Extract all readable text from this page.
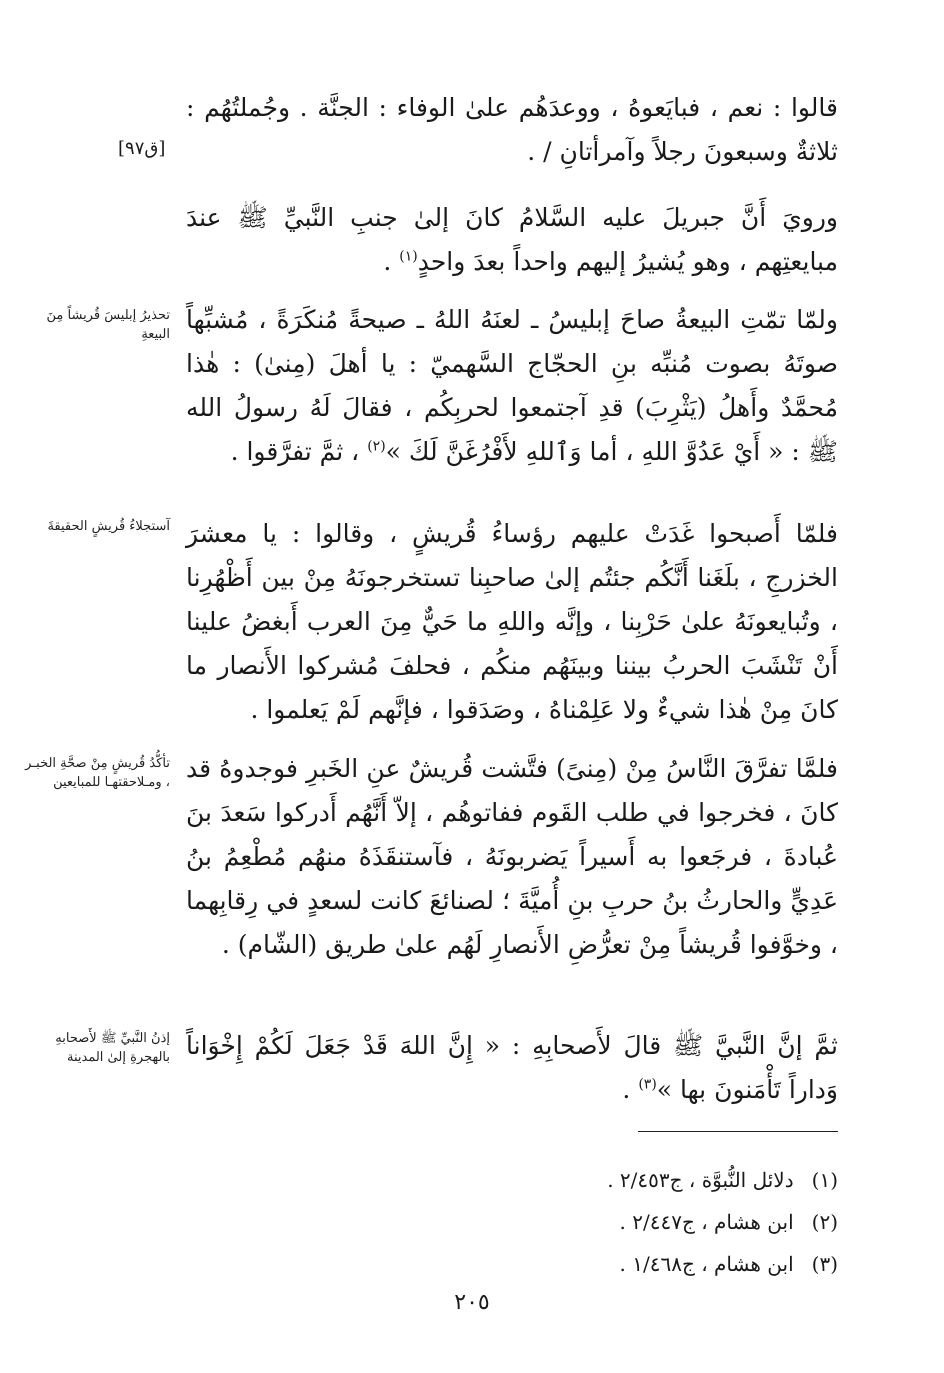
قالوا : نعم ، فبايَعوهُ ، ووعدَهُم علىٰ الوفاء : الجنَّة . وجُملتُهُم : ثلاثةٌ وسبعونَ رجلاً وآمرأتانِ / .

[ق٩٧]

ورويَ أَنَّ جبريلَ عليه السَّلامُ كانَ إلىٰ جنبِ النَّبيِّ ﷺ عندَ مبايعتِهم ، وهو يُشيرُ إليهم واحداً بعدَ واحدٍ$^{(١)}$ .

ولمّا تمّتِ البيعةُ صاحَ إبليسُ ـ لعنَهُ اللهُ ـ صيحةً مُنكَرَةً ، مُشبِّهاً صوتَهُ بصوت مُنبِّه بنِ الحجّاج السَّهميّ : يا أهلَ (مِنىٰ) : هٰذا مُحمَّدٌ وأَهلُ (يَثْرِبَ) قدِ آجتمعوا لحربِكُم ، فقالَ لَهُ رسولُ الله ﷺ : « أَيْ عَدُوَّ اللهِ ، أما وَٱللهِ لأَفْرُغَنَّ لَكَ »$^{(٢)}$ ، ثمَّ تفرَّقوا .

تحذيرُ إبليسَ قُريشاً مِنَ البيعةِ

فلمّا أَصبحوا غَدَتْ عليهم رؤساءُ قُريشٍ ، وقالوا : يا معشرَ الخزرجِ ، بلَغَنا أَنَّكُم جئتُم إلىٰ صاحبِنا تستخرجونَهُ مِنْ بين أَظْهُرِنا ، وتُبايعونَهُ علىٰ حَرْبِنا ، وإنَّه واللهِ ما حَيٌّ مِنَ العرب أَبغضُ علينا أَنْ تَنْشَبَ الحربُ بيننا وبينَهُم منكُم ، فحلفَ مُشركوا الأَنصار ما كانَ مِنْ هٰذا شيءٌ ولا عَلِمْناهُ ، وصَدَقوا ، فإنَّهم لَمْ يَعلموا .

آستجلاءُ قُريشٍ الحقيقةَ

فلمَّا تفرَّقَ النَّاسُ مِنْ (مِنىً) فتَّشت قُريشٌ عنِ الخَبرِ فوجدوهُ قد كانَ ، فخرجوا في طلب القَوم ففاتوهُم ، إلاّ أَنَّهُم أَدركوا سَعدَ بنَ عُبادةَ ، فرجَعوا به أَسيراً يَضربونَهُ ، فآستنقَذَهُ منهُم مُطْعِمُ بنُ عَدِيٍّ والحارثُ بنُ حربِ بنِ أُميَّةَ ؛ لصنائعَ كانت لسعدٍ في رِقابِهما ، وخوَّفوا قُريشاً مِنْ تعرُّضِ الأَنصارِ لَهُم علىٰ طريق (الشّام) .

تأكُّدُ قُريشٍ مِنْ صحَّةِ الخبـر ، ومـلاحقتهـا للمبايعين

ثمَّ إنَّ النَّبيَّ ﷺ قالَ لأَصحابِهِ : « إِنَّ اللهَ قَدْ جَعَلَ لَكُمْ إِخْوَاناً وَداراً تَأْمَنونَ بها »$^{(٣)}$ .

إذنُ النَّبيِّ ﷺ لأَصحابهِ بالهجرةِ إلىٰ المدينة
(١)دلائل النُّبوَّة ، ج٢/٤٥٣ .
(٢)ابن هشام ، ج٢/٤٤٧ .
(٣)ابن هشام ، ج١/٤٦٨ .
٢٠٥
